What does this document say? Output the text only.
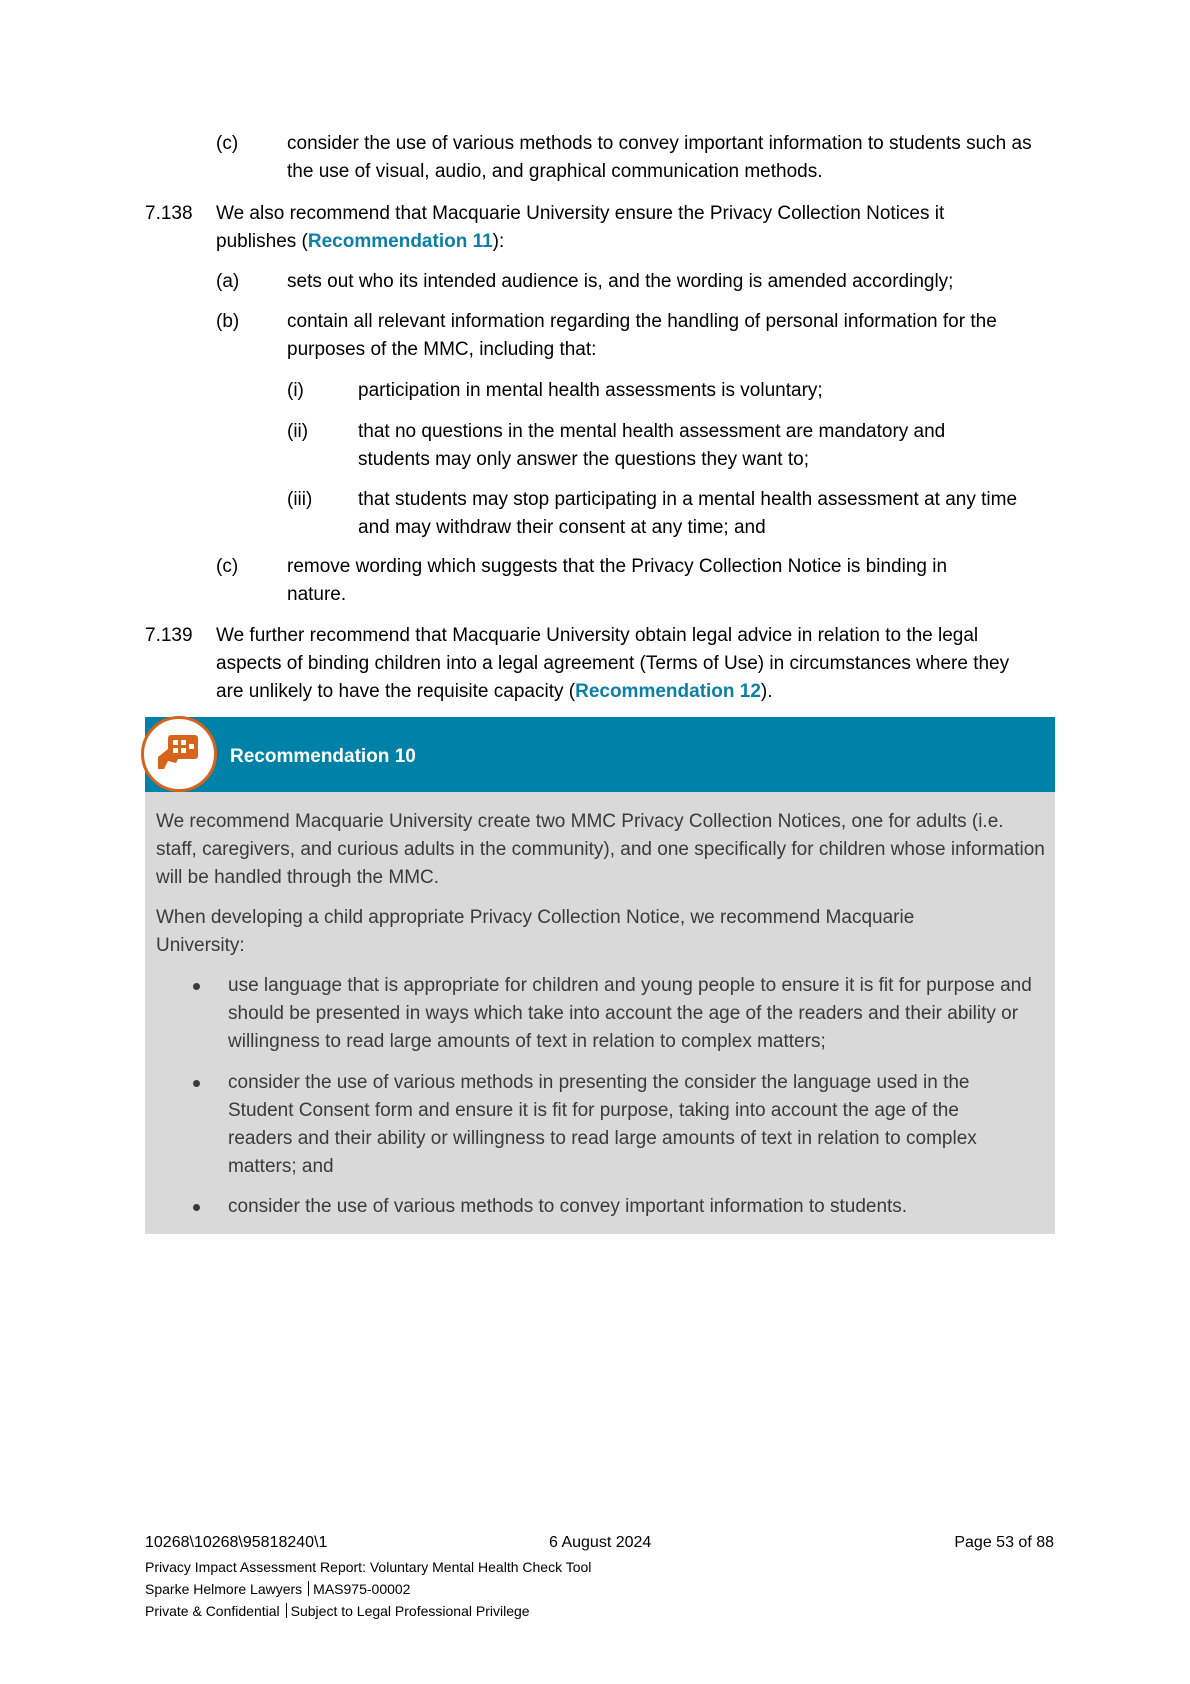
(c)	consider the use of various methods to convey important information to students such as the use of visual, audio, and graphical communication methods.
7.138 We also recommend that Macquarie University ensure the Privacy Collection Notices it publishes (Recommendation 11):
(a)	sets out who its intended audience is, and the wording is amended accordingly;
(b)	contain all relevant information regarding the handling of personal information for the purposes of the MMC, including that:
(i)	participation in mental health assessments is voluntary;
(ii)	that no questions in the mental health assessment are mandatory and students may only answer the questions they want to;
(iii) that students may stop participating in a mental health assessment at any time and may withdraw their consent at any time; and
(c)	remove wording which suggests that the Privacy Collection Notice is binding in nature.
7.139 We further recommend that Macquarie University obtain legal advice in relation to the legal aspects of binding children into a legal agreement (Terms of Use) in circumstances where they are unlikely to have the requisite capacity (Recommendation 12).
Recommendation 10
We recommend Macquarie University create two MMC Privacy Collection Notices, one for adults (i.e. staff, caregivers, and curious adults in the community), and one specifically for children whose information will be handled through the MMC.
When developing a child appropriate Privacy Collection Notice, we recommend Macquarie University:
use language that is appropriate for children and young people to ensure it is fit for purpose and should be presented in ways which take into account the age of the readers and their ability or willingness to read large amounts of text in relation to complex matters;
consider the use of various methods in presenting the consider the language used in the Student Consent form and ensure it is fit for purpose, taking into account the age of the readers and their ability or willingness to read large amounts of text in relation to complex matters; and
consider the use of various methods to convey important information to students.
10268\10268\95818240\1	6 August 2024	Page 53 of 88
Privacy Impact Assessment Report: Voluntary Mental Health Check Tool
Sparke Helmore Lawyers MAS975-00002
Private & Confidential Subject to Legal Professional Privilege
